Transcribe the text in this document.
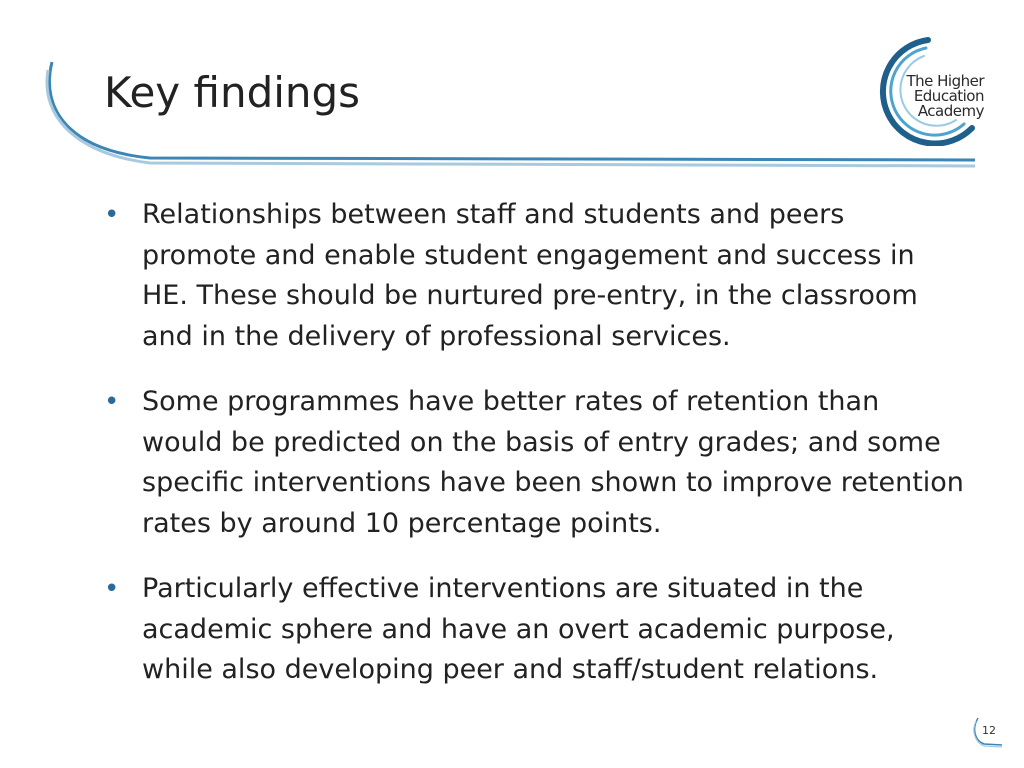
Key findings	The Higher
Education
Academy
• Relationships between staff and students and peers promote and enable student engagement and success in HE. These should be nurtured pre-entry, in the classroom and in the delivery of professional services.
• Some programmes have better rates of retention than would be predicted on the basis of entry grades; and some specific interventions have been shown to improve retention rates by around 10 percentage points.
• Particularly effective interventions are situated in the academic sphere and have an overt academic purpose, while also developing peer and staff/student relations.
12
